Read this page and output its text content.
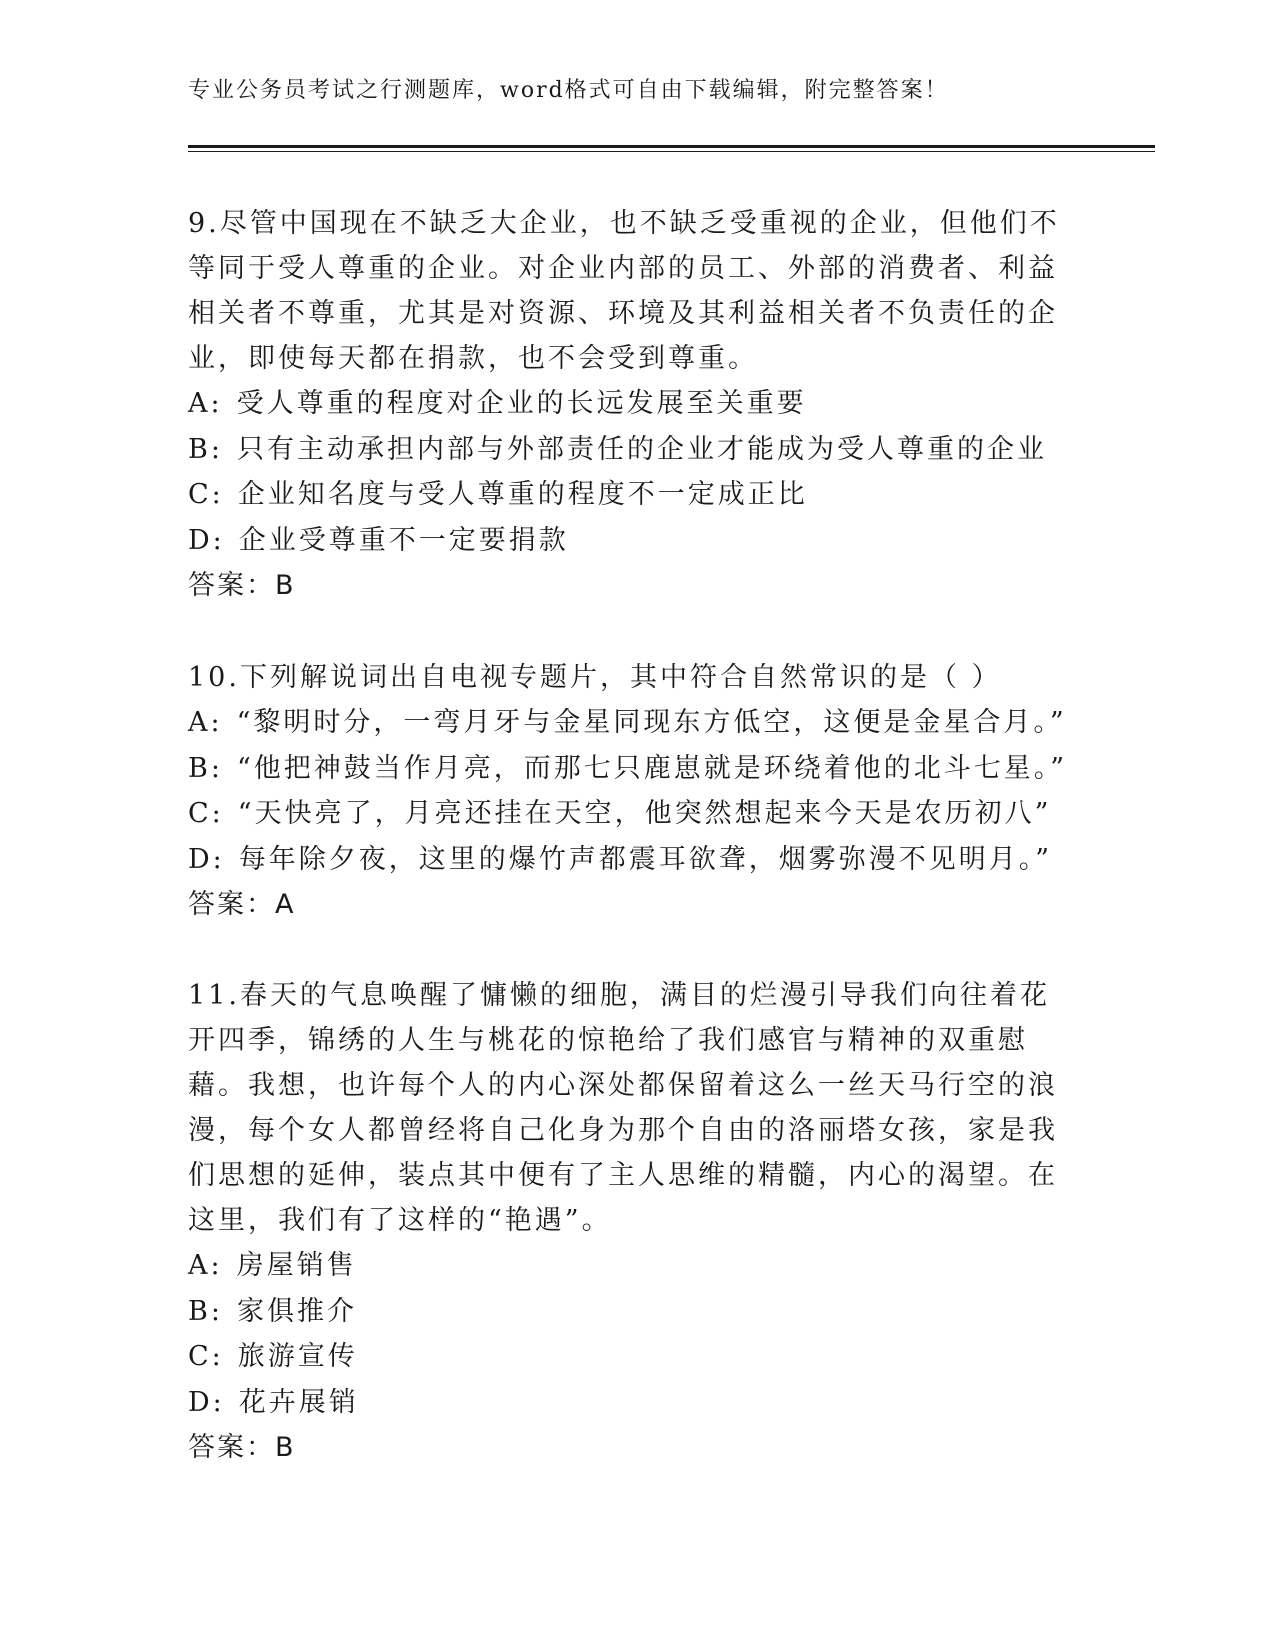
专业公务员考试之行测题库，word格式可自由下载编辑，附完整答案！

9.尽管中国现在不缺乏大企业，也不缺乏受重视的企业，但他们不等同于受人尊重的企业。对企业内部的员工、外部的消费者、利益相关者不尊重，尤其是对资源、环境及其利益相关者不负责任的企业，即使每天都在捐款，也不会受到尊重。

A: 受人尊重的程度对企业的长远发展至关重要

B: 只有主动承担内部与外部责任的企业才能成为受人尊重的企业

C: 企业知名度与受人尊重的程度不一定成正比

D: 企业受尊重不一定要捐款

答案：B

10.下列解说词出自电视专题片，其中符合自然常识的是（ ）

A: “黎明时分，一弯月牙与金星同现东方低空，这便是金星合月。”

B: “他把神鼓当作月亮，而那七只鹿崽就是环绕着他的北斗七星。”

C: “天快亮了，月亮还挂在天空，他突然想起来今天是农历初八”

D: 每年除夕夜，这里的爆竹声都震耳欲聋，烟雾弥漫不见明月。”

答案：A

11.春天的气息唤醒了慵懒的细胞，满目的烂漫引导我们向往着花开四季，锦绣的人生与桃花的惊艳给了我们感官与精神的双重慰藉。我想，也许每个人的内心深处都保留着这么一丝天马行空的浪漫，每个女人都曾经将自己化身为那个自由的洛丽塔女孩，家是我们思想的延伸，装点其中便有了主人思维的精髓，内心的渴望。在这里，我们有了这样的“艳遇”。

A: 房屋销售

B: 家俱推介

C: 旅游宣传

D: 花卉展销

答案：B
